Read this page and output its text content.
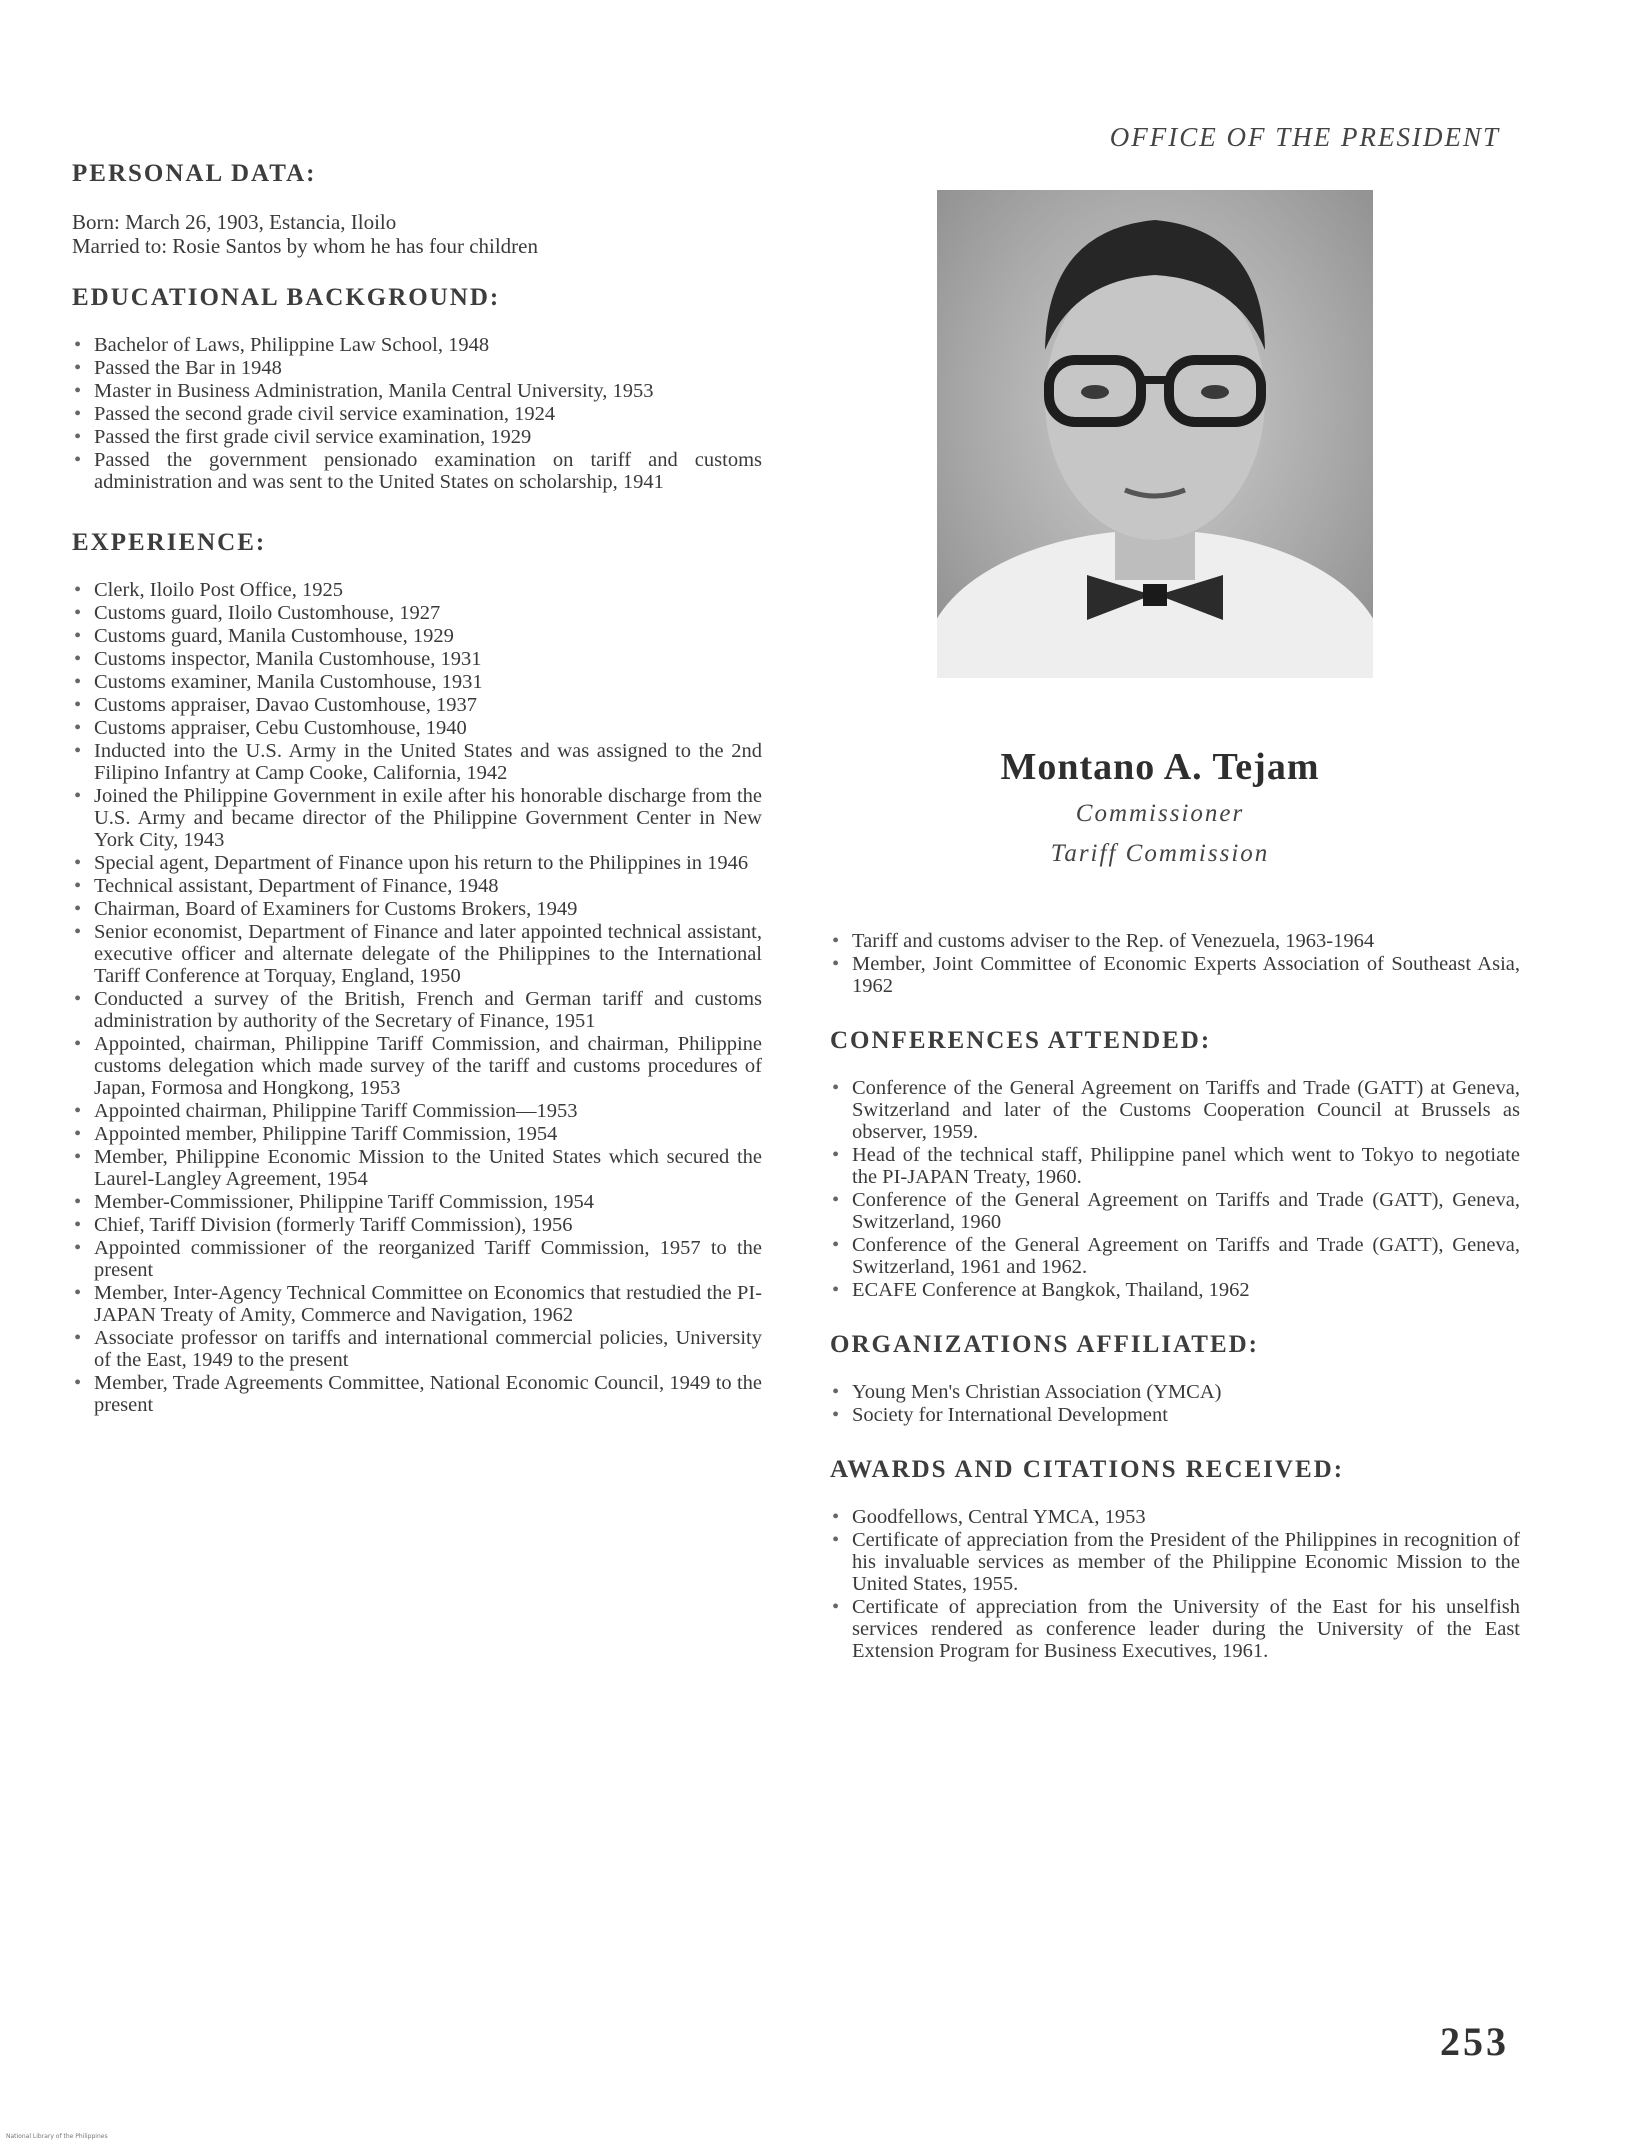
OFFICE OF THE PRESIDENT
PERSONAL DATA:

Born: March 26, 1903, Estancia, Iloilo

Married to: Rosie Santos by whom he has four children

EDUCATIONAL BACKGROUND:
• Bachelor of Laws, Philippine Law School, 1948
• Passed the Bar in 1948
• Master in Business Administration, Manila Central University, 1953
• Passed the second grade civil service examination, 1924
• Passed the first grade civil service examination, 1929
• Passed the government pensionado examination on tariff and customs administration and was sent to the United States on scholarship, 1941
EXPERIENCE:
• Clerk, Iloilo Post Office, 1925
• Customs guard, Iloilo Customhouse, 1927
• Customs guard, Manila Customhouse, 1929
• Customs inspector, Manila Customhouse, 1931
• Customs examiner, Manila Customhouse, 1931
• Customs appraiser, Davao Customhouse, 1937
• Customs appraiser, Cebu Customhouse, 1940
• Inducted into the U.S. Army in the United States and was assigned to the 2nd Filipino Infantry at Camp Cooke, California, 1942
• Joined the Philippine Government in exile after his honorable discharge from the U.S. Army and became director of the Philippine Government Center in New York City, 1943
• Special agent, Department of Finance upon his return to the Philippines in 1946
• Technical assistant, Department of Finance, 1948
• Chairman, Board of Examiners for Customs Brokers, 1949
• Senior economist, Department of Finance and later appointed technical assistant, executive officer and alternate delegate of the Philippines to the International Tariff Conference at Torquay, England, 1950
• Conducted a survey of the British, French and German tariff and customs administration by authority of the Secretary of Finance, 1951
• Appointed, chairman, Philippine Tariff Commission, and chairman, Philippine customs delegation which made survey of the tariff and customs procedures of Japan, Formosa and Hongkong, 1953
• Appointed chairman, Philippine Tariff Commission—1953
• Appointed member, Philippine Tariff Commission, 1954
• Member, Philippine Economic Mission to the United States which secured the Laurel-Langley Agreement, 1954
• Member-Commissioner, Philippine Tariff Commission, 1954
• Chief, Tariff Division (formerly Tariff Commission), 1956
• Appointed commissioner of the reorganized Tariff Commission, 1957 to the present
• Member, Inter-Agency Technical Committee on Economics that restudied the PI-JAPAN Treaty of Amity, Commerce and Navigation, 1962
• Associate professor on tariffs and international commercial policies, University of the East, 1949 to the present
• Member, Trade Agreements Committee, National Economic Council, 1949 to the present
Montano A. Tejam
Commissioner
Tariff Commission
• Tariff and customs adviser to the Rep. of Venezuela, 1963-1964
• Member, Joint Committee of Economic Experts Association of Southeast Asia, 1962
CONFERENCES ATTENDED:
• Conference of the General Agreement on Tariffs and Trade (GATT) at Geneva, Switzerland and later of the Customs Cooperation Council at Brussels as observer, 1959.
• Head of the technical staff, Philippine panel which went to Tokyo to negotiate the PI-JAPAN Treaty, 1960.
• Conference of the General Agreement on Tariffs and Trade (GATT), Geneva, Switzerland, 1960
• Conference of the General Agreement on Tariffs and Trade (GATT), Geneva, Switzerland, 1961 and 1962.
• ECAFE Conference at Bangkok, Thailand, 1962
ORGANIZATIONS AFFILIATED:
• Young Men's Christian Association (YMCA)
• Society for International Development
AWARDS AND CITATIONS RECEIVED:
• Goodfellows, Central YMCA, 1953
• Certificate of appreciation from the President of the Philippines in recognition of his invaluable services as member of the Philippine Economic Mission to the United States, 1955.
• Certificate of appreciation from the University of the East for his unselfish services rendered as conference leader during the University of the East Extension Program for Business Executives, 1961.
253
National Library of the Philippines
